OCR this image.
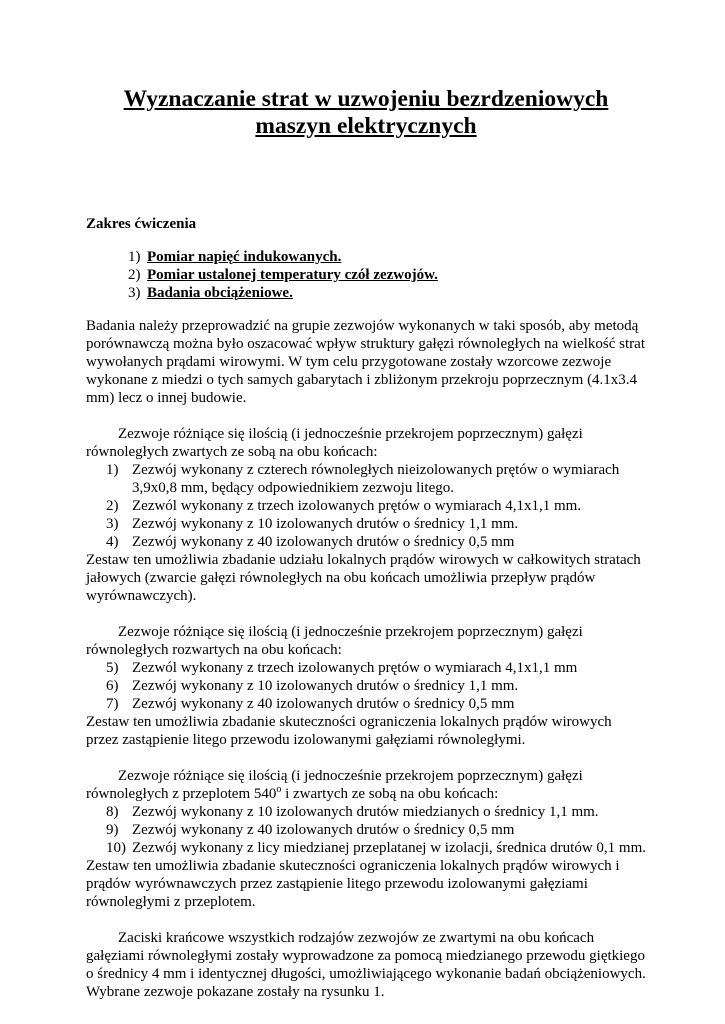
Wyznaczanie strat w uzwojeniu bezrdzeniowych
maszyn elektrycznych
Zakres ćwiczenia
1) Pomiar napięć indukowanych.
2) Pomiar ustalonej temperatury czół zezwojów.
3) Badania obciążeniowe.

Badania należy przeprowadzić na grupie zezwojów wykonanych w taki sposób, aby metodą porównawczą można było oszacować wpływ struktury gałęzi równoległych na wielkość strat wywołanych prądami wirowymi. W tym celu przygotowane zostały wzorcowe zezwoje wykonane z miedzi o tych samych gabarytach i zbliżonym przekroju poprzecznym (4.1x3.4 mm) lecz o innej budowie.

Zezwoje różniące się ilością (i jednocześnie przekrojem poprzecznym) gałęzi równoległych zwartych ze sobą na obu końcach:

1) Zezwój wykonany z czterech równoległych nieizolowanych prętów o wymiarach 3,9x0,8 mm, będący odpowiednikiem zezwoju litego.
2) Zezwól wykonany z trzech izolowanych prętów o wymiarach 4,1x1,1 mm.
3) Zezwój wykonany z 10 izolowanych drutów o średnicy 1,1 mm.
4) Zezwój wykonany z 40 izolowanych drutów o średnicy 0,5 mm

Zestaw ten umożliwia zbadanie udziału lokalnych prądów wirowych w całkowitych stratach jałowych (zwarcie gałęzi równoległych na obu końcach umożliwia przepływ prądów wyrównawczych).

Zezwoje różniące się ilością (i jednocześnie przekrojem poprzecznym) gałęzi równoległych rozwartych na obu końcach:

5) Zezwól wykonany z trzech izolowanych prętów o wymiarach 4,1x1,1 mm
6) Zezwój wykonany z 10 izolowanych drutów o średnicy 1,1 mm.
7) Zezwój wykonany z 40 izolowanych drutów o średnicy 0,5 mm

Zestaw ten umożliwia zbadanie skuteczności ograniczenia lokalnych prądów wirowych przez zastąpienie litego przewodu izolowanymi gałęziami równoległymi.

Zezwoje różniące się ilością (i jednocześnie przekrojem poprzecznym) gałęzi równoległych z przeplotem 540$^o$ i zwartych ze sobą na obu końcach:

8) Zezwój wykonany z 10 izolowanych drutów miedzianych o średnicy 1,1 mm.
9) Zezwój wykonany z 40 izolowanych drutów o średnicy 0,5 mm
10) Zezwój wykonany z licy miedzianej przeplatanej w izolacji, średnica drutów 0,1 mm.

Zestaw ten umożliwia zbadanie skuteczności ograniczenia lokalnych prądów wirowych i prądów wyrównawczych przez zastąpienie litego przewodu izolowanymi gałęziami równoległymi z przeplotem.

Zaciski krańcowe wszystkich rodzajów zezwojów ze zwartymi na obu końcach gałęziami równoległymi zostały wyprowadzone za pomocą miedzianego przewodu giętkiego o średnicy 4 mm i identycznej długości, umożliwiającego wykonanie badań obciążeniowych. Wybrane zezwoje pokazane zostały na rysunku 1.
